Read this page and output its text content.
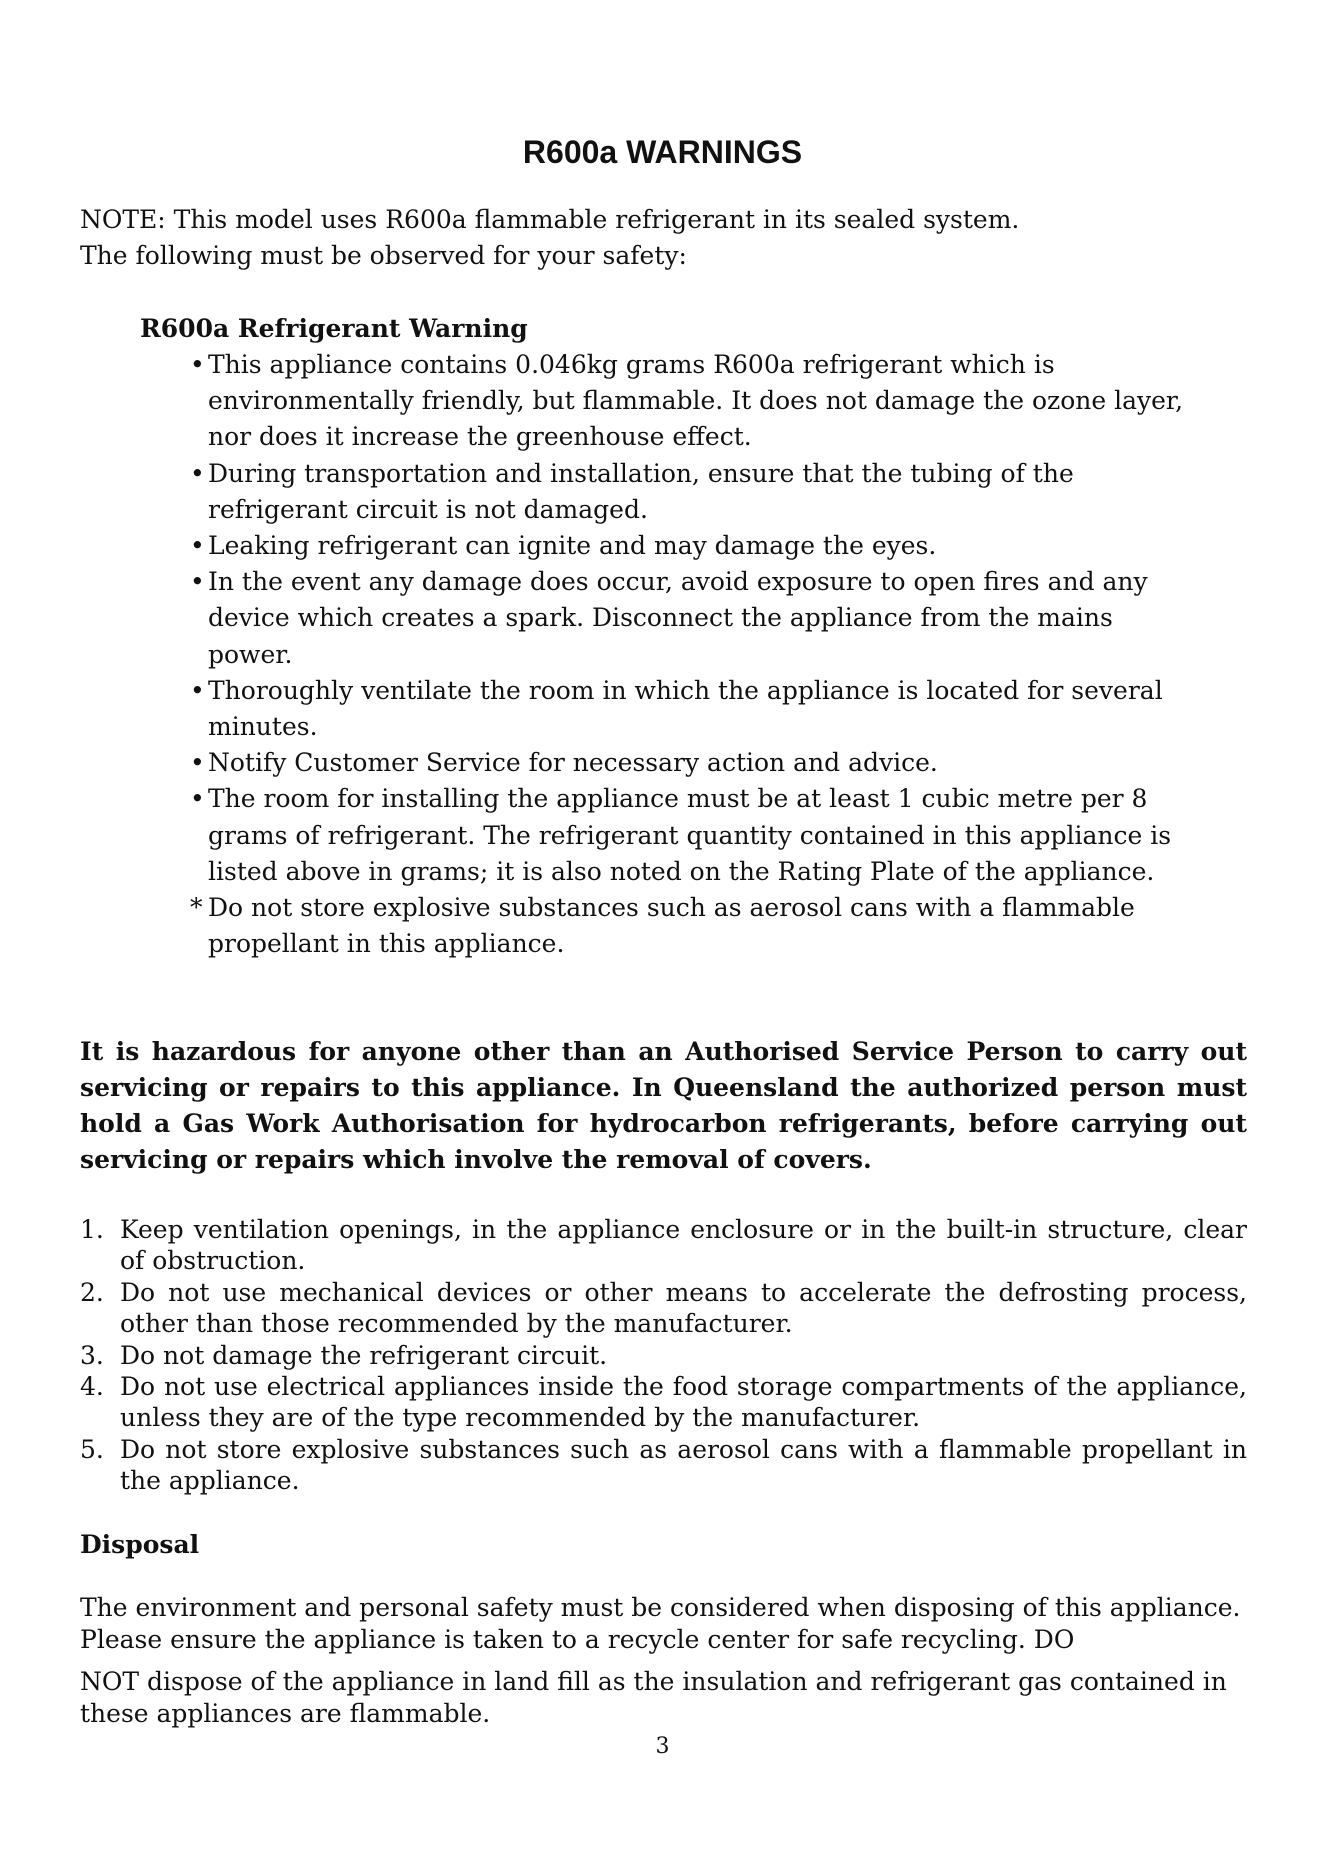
R600a WARNINGS
NOTE: This model uses R600a flammable refrigerant in its sealed system.
The following must be observed for your safety:
R600a Refrigerant Warning
• This appliance contains 0.046kg grams R600a refrigerant which is environmentally friendly, but flammable. It does not damage the ozone layer, nor does it increase the greenhouse effect.
• During transportation and installation, ensure that the tubing of the refrigerant circuit is not damaged.
• Leaking refrigerant can ignite and may damage the eyes.
• In the event any damage does occur, avoid exposure to open fires and any device which creates a spark. Disconnect the appliance from the mains power.
• Thoroughly ventilate the room in which the appliance is located for several minutes.
• Notify Customer Service for necessary action and advice.
• The room for installing the appliance must be at least 1 cubic metre per 8 grams of refrigerant. The refrigerant quantity contained in this appliance is listed above in grams; it is also noted on the Rating Plate of the appliance.
* Do not store explosive substances such as aerosol cans with a flammable propellant in this appliance.
It is hazardous for anyone other than an Authorised Service Person to carry out servicing or repairs to this appliance. In Queensland the authorized person must hold a Gas Work Authorisation for hydrocarbon refrigerants, before carrying out servicing or repairs which involve the removal of covers.
1. Keep ventilation openings, in the appliance enclosure or in the built-in structure, clear of obstruction.
2. Do not use mechanical devices or other means to accelerate the defrosting process, other than those recommended by the manufacturer.
3. Do not damage the refrigerant circuit.
4. Do not use electrical appliances inside the food storage compartments of the appliance, unless they are of the type recommended by the manufacturer.
5. Do not store explosive substances such as aerosol cans with a flammable propellant in the appliance.
Disposal

The environment and personal safety must be considered when disposing of this appliance. Please ensure the appliance is taken to a recycle center for safe recycling. DO

NOT dispose of the appliance in land fill as the insulation and refrigerant gas contained in these appliances are flammable.

3
